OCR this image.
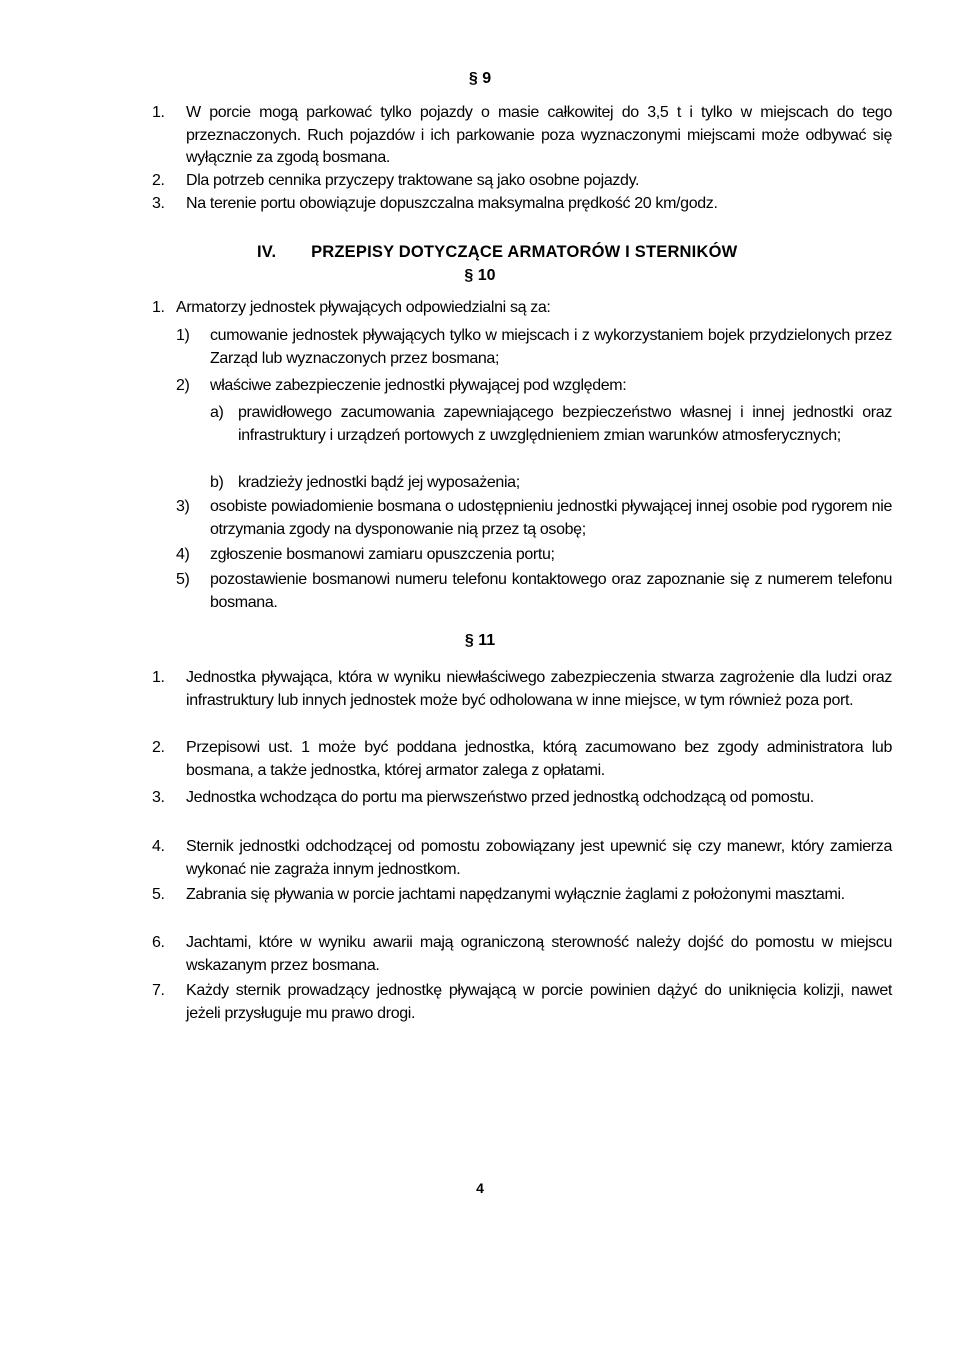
§ 9
1. W porcie mogą parkować tylko pojazdy o masie całkowitej do 3,5 t i tylko w miejscach do tego przeznaczonych. Ruch pojazdów i ich parkowanie poza wyznaczonymi miejscami może odbywać się wyłącznie za zgodą bosmana.
2. Dla potrzeb cennika przyczepy traktowane są jako osobne pojazdy.
3. Na terenie portu obowiązuje dopuszczalna maksymalna prędkość 20 km/godz.
IV. PRZEPISY DOTYCZĄCE ARMATORÓW I STERNIKÓW
§ 10
1. Armatorzy jednostek pływających odpowiedzialni są za:
1) cumowanie jednostek pływających tylko w miejscach i z wykorzystaniem bojek przydzielonych przez Zarząd lub wyznaczonych przez bosmana;
2) właściwe zabezpieczenie jednostki pływającej pod względem:
a) prawidłowego zacumowania zapewniającego bezpieczeństwo własnej i innej jednostki oraz infrastruktury i urządzeń portowych z uwzględnieniem zmian warunków atmosferycznych;
b) kradzieży jednostki bądź jej wyposażenia;
3) osobiste powiadomienie bosmana o udostępnieniu jednostki pływającej innej osobie pod rygorem nie otrzymania zgody na dysponowanie nią przez tą osobę;
4) zgłoszenie bosmanowi zamiaru opuszczenia portu;
5) pozostawienie bosmanowi numeru telefonu kontaktowego oraz zapoznanie się z numerem telefonu bosmana.
§ 11
1. Jednostka pływająca, która w wyniku niewłaściwego zabezpieczenia stwarza zagrożenie dla ludzi oraz infrastruktury lub innych jednostek może być odholowana w inne miejsce, w tym również poza port.
2. Przepisowi ust. 1 może być poddana jednostka, którą zacumowano bez zgody administratora lub bosmana, a także jednostka, której armator zalega z opłatami.
3. Jednostka wchodząca do portu ma pierwszeństwo przed jednostką odchodzącą od pomostu.
4. Sternik jednostki odchodzącej od pomostu zobowiązany jest upewnić się czy manewr, który zamierza wykonać nie zagraża innym jednostkom.
5. Zabrania się pływania w porcie jachtami napędzanymi wyłącznie żaglami z położonymi masztami.
6. Jachtami, które w wyniku awarii mają ograniczoną sterowność należy dojść do pomostu w miejscu wskazanym przez bosmana.
7. Każdy sternik prowadzący jednostkę pływającą w porcie powinien dążyć do uniknięcia kolizji, nawet jeżeli przysługuje mu prawo drogi.
4
